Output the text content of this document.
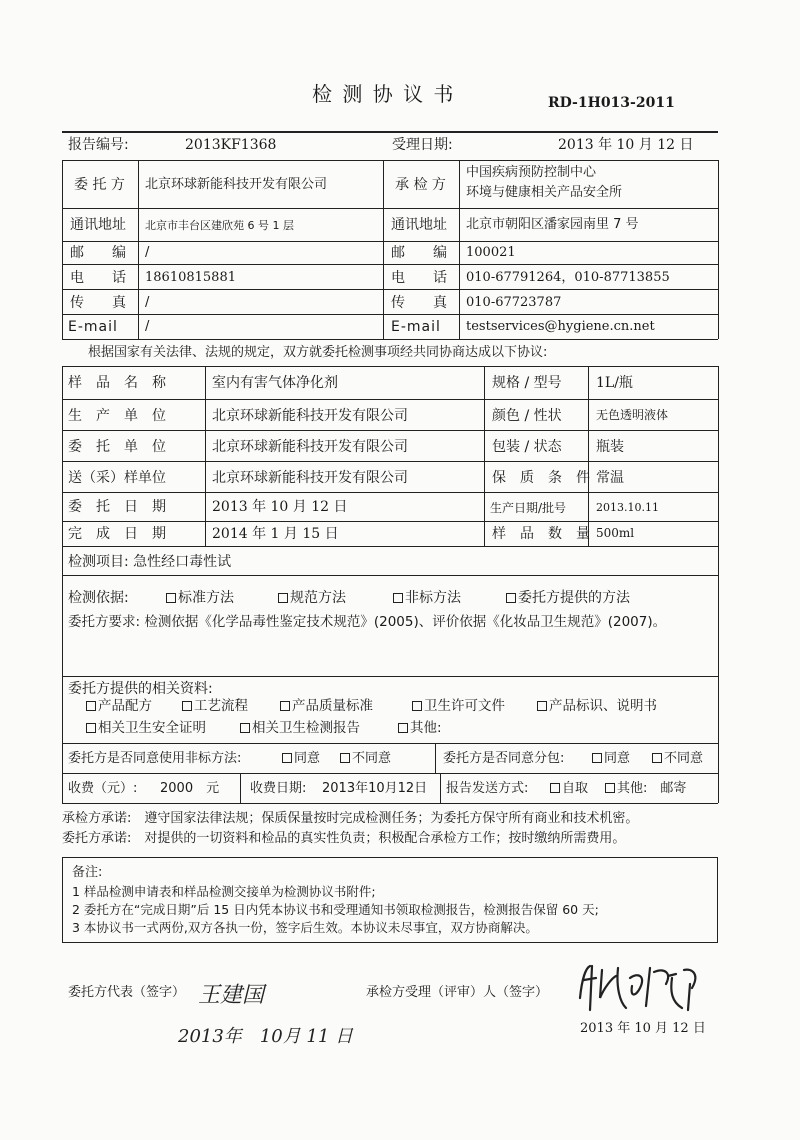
检 测 协 议 书	RD-1H013-2011
报告编号:	2013KF1368	受理日期:	2013 年 10 月 12 日
委 托 方 北京环球新能科技开发有限公司	承 检 方
中国疾病预防控制中心
环境与健康相关产品安全所
通讯地址 北京市丰台区建欣苑 6 号 1 层	通讯地址 北京市朝阳区潘家园南里 7 号
邮　　编 /	邮　　编 100021
电　　话 18610815881	电　　话 010-67791264，010-87713855
传　　真 /	传　　真 010-67723787
E-mail /	E-mail testservices@hygiene.cn.net
根据国家有关法律、法规的规定，双方就委托检测事项经共同协商达成以下协议:
样　品　名　称	室内有害气体净化剂	规格 / 型号 1L/瓶
生　产　单　位	北京环球新能科技开发有限公司	颜色 / 性状	无色透明液体
委　托　单　位	北京环球新能科技开发有限公司	包装 / 状态 瓶装
送（采）样单位	北京环球新能科技开发有限公司	保　质　条　件 常温
委　托　日　期	2013 年 10 月 12 日	生产日期/批号	2013.10.11
完　成　日　期	2014 年 1 月 15 日	样　品　数　量 500ml
检测项目: 急性经口毒性试
检测依据:	标准方法	规范方法	非标方法	委托方提供的方法
委托方要求: 检测依据《化学品毒性鉴定技术规范》(2005)、评价依据《化妆品卫生规范》(2007)。
委托方提供的相关资料:
产品配方	工艺流程	产品质量标准	卫生许可文件	产品标识、说明书
相关卫生安全证明	相关卫生检测报告	其他:
委托方是否同意使用非标方法:	同意	不同意	委托方是否同意分包:	同意	不同意
收费（元）: 2000　元 收费日期: 2013年10月12日 报告发送方式:	自取	其他:　邮寄
承检方承诺:　遵守国家法律法规；保质保量按时完成检测任务；为委托方保守所有商业和技术机密。
委托方承诺:　对提供的一切资料和检品的真实性负责；积极配合承检方工作；按时缴纳所需费用。
备注:
1 样品检测申请表和样品检测交接单为检测协议书附件;
2 委托方在“完成日期”后 15 日内凭本协议书和受理通知书领取检测报告，检测报告保留 60 天;
3 本协议书一式两份,双方各执一份，签字后生效。本协议未尽事宜，双方协商解决。
委托方代表（签字） 王建国
2013年　10月 11 日
承检方受理（评审）人（签字）
2013 年 10 月 12 日
